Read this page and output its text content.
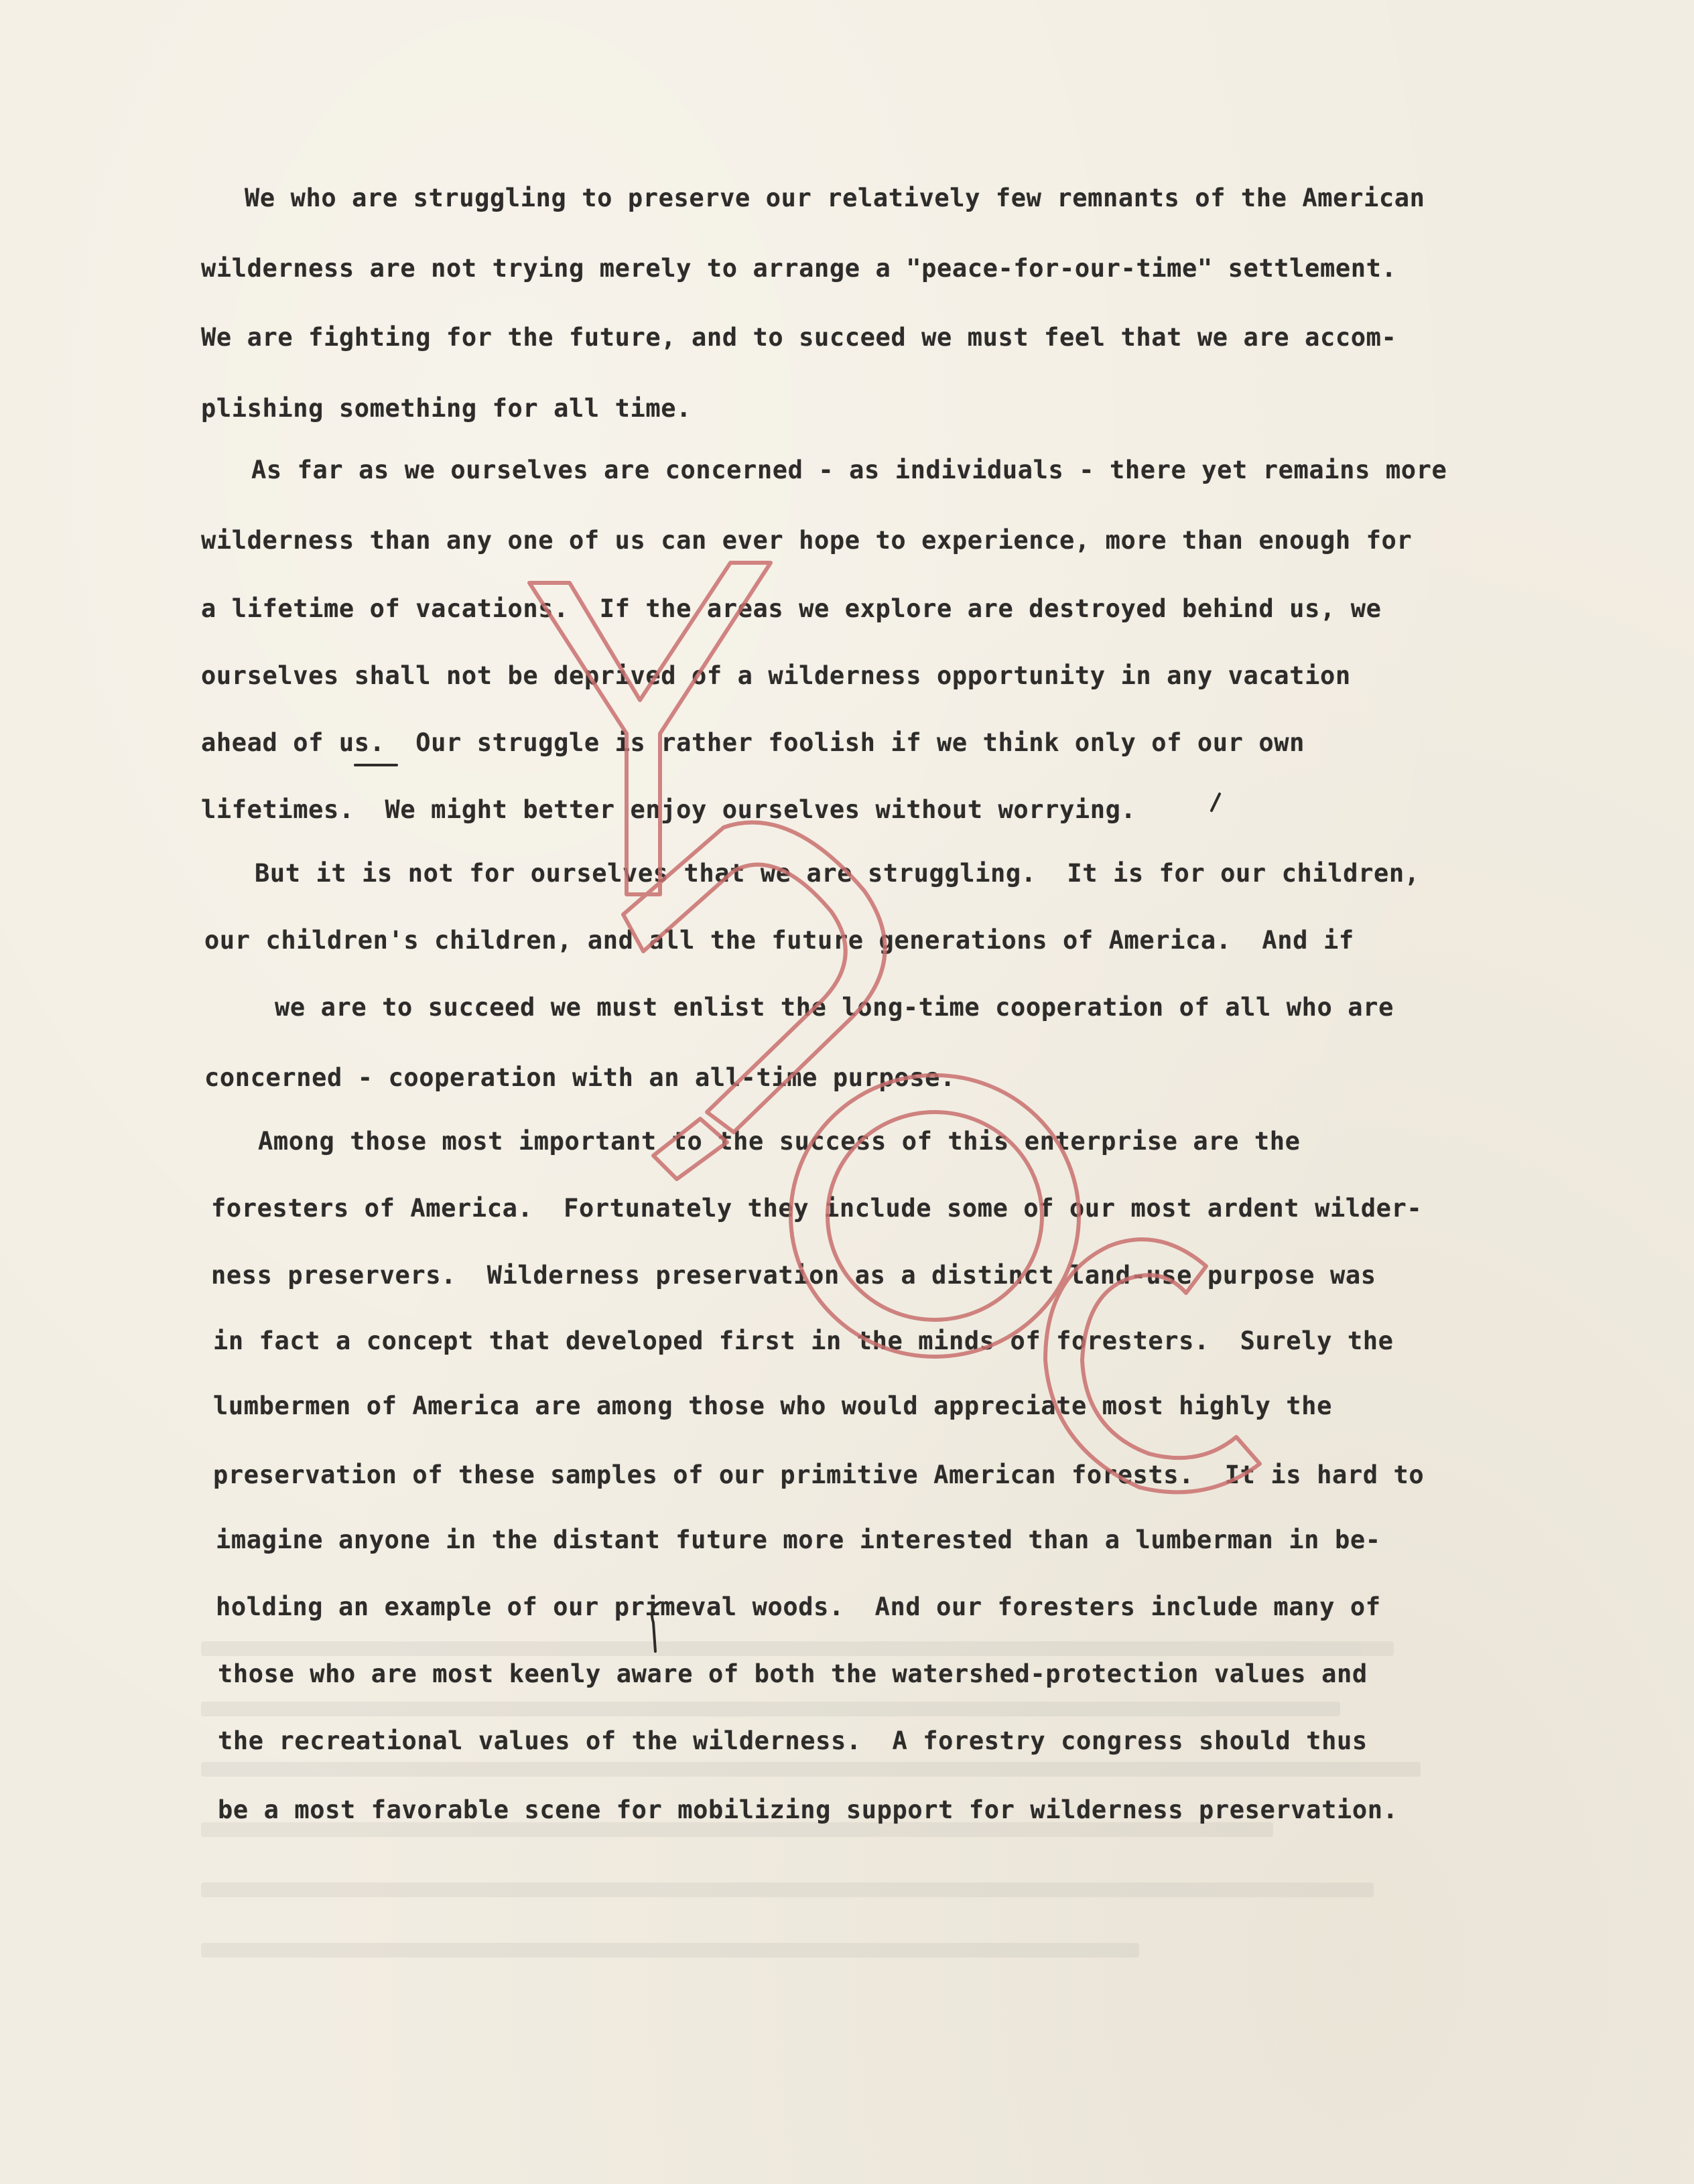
We who are struggling to preserve our relatively few remnants of the American
wilderness are not trying merely to arrange a "peace-for-our-time" settlement.
We are fighting for the future, and to succeed we must feel that we are accom-
plishing something for all time.
As far as we ourselves are concerned - as individuals - there yet remains more
wilderness than any one of us can ever hope to experience, more than enough for
a lifetime of vacations.  If the areas we explore are destroyed behind us, we
ourselves shall not be deprived of a wilderness opportunity in any vacation
ahead of us.  Our struggle is rather foolish if we think only of our own
lifetimes.  We might better enjoy ourselves without worrying.
But it is not for ourselves that we are struggling.  It is for our children,
our children's children, and all the future generations of America.  And if
we are to succeed we must enlist the long-time cooperation of all who are
concerned - cooperation with an all-time purpose.
Among those most important to the success of this enterprise are the
foresters of America.  Fortunately they include some of our most ardent wilder-
ness preservers.  Wilderness preservation as a distinct land-use purpose was
in fact a concept that developed first in the minds of foresters.  Surely the
lumbermen of America are among those who would appreciate most highly the
preservation of these samples of our primitive American forests.  It is hard to
imagine anyone in the distant future more interested than a lumberman in be-
holding an example of our primeval woods.  And our foresters include many of
those who are most keenly aware of both the watershed-protection values and
the recreational values of the wilderness.  A forestry congress should thus
be a most favorable scene for mobilizing support for wilderness preservation.
